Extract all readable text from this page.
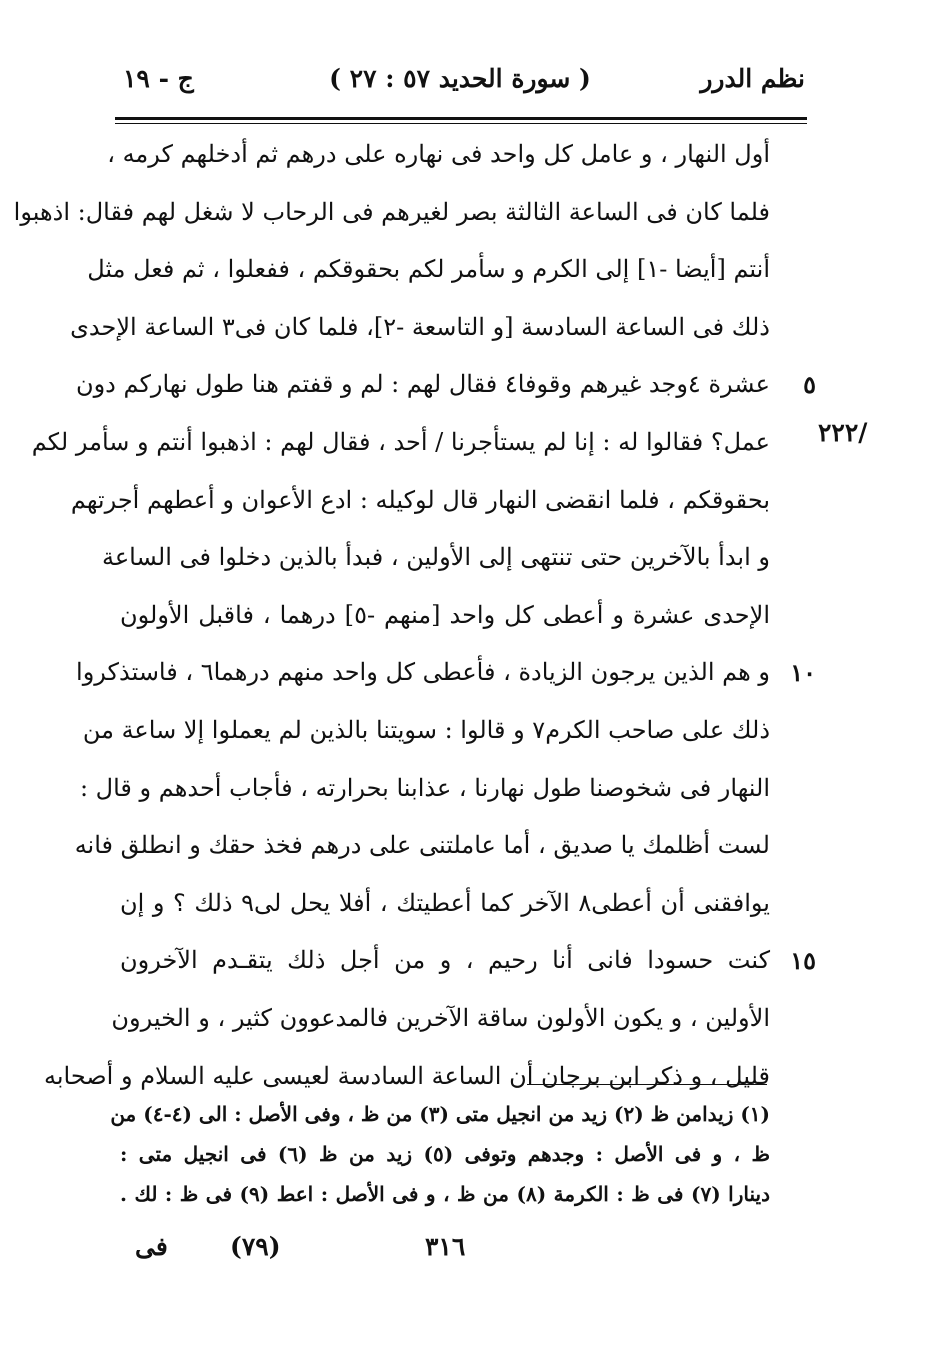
نظم الدرر
( سورة الحديد ٥٧ : ٢٧ )
ج - ١٩
/٢٢٢
أول النهار ، و عامل كل واحد فى نهاره على درهم ثم أدخلهم كرمه ،
فلما كان فى الساعة الثالثة بصر لغيرهم فى الرحاب لا شغل لهم فقال: اذهبوا
أنتم [أيضا -١] إلى الكرم و سأمر لكم بحقوقكم ، ففعلوا ، ثم فعل مثل
ذلك فى الساعة السادسة [و التاسعة -٢]، فلما كان فى٣ الساعة الإحدى
عشرة ٤وجد غيرهم وقوفا٤ فقال لهم : لم و قفتم هنا طول نهاركم دون
عمل؟ فقالوا له : إنا لم يستأجرنا / أحد ، فقال لهم : اذهبوا أنتم و سأمر لكم
بحقوقكم ، فلما انقضى النهار قال لوكيله : ادع الأعوان و أعطهم أجرتهم
و ابدأ بالآخرين حتى تنتهى إلى الأولين ، فبدأ بالذين دخلوا فى الساعة
الإحدى عشرة و أعطى كل واحد [منهم -٥] درهما ، فاقبل الأولون
و هم الذين يرجون الزيادة ، فأعطى كل واحد منهم درهما٦ ، فاستذكروا
ذلك على صاحب الكرم٧ و قالوا : سويتنا بالذين لم يعملوا إلا ساعة من
النهار فى شخوصنا طول نهارنا ، عذابنا بحرارته ، فأجاب أحدهم و قال :
لست أظلمك يا صديق ، أما عاملتنى على درهم فخذ حقك و انطلق فانه
يوافقنى أن أعطى٨ الآخر كما أعطيتك ، أفلا يحل لى٩ ذلك ؟ و إن
كنت حسودا فانى أنا رحيم ، و من أجل ذلك يتقـدم الآخرون
الأولين ، و يكون الأولون ساقة الآخرين فالمدعوون كثير ، و الخيرون
قليل ، و ذكر ابن برجان أن الساعة السادسة لعيسى عليه السلام و أصحابه
٥
١٠
١٥
(١) زيدامن ظ (٢) زيد من انجيل متى (٣) من ظ ، وفى الأصل : الى (٤-٤) من
ظ ، و فى الأصل : وجدهم وتوفى (٥) زيد من ظ (٦) فى انجيل متى :
دينارا (٧) فى ظ : الكرمة (٨) من ظ ، و فى الأصل : اعط (٩) فى ظ : لك .
فى (٧٩)	٣١٦
